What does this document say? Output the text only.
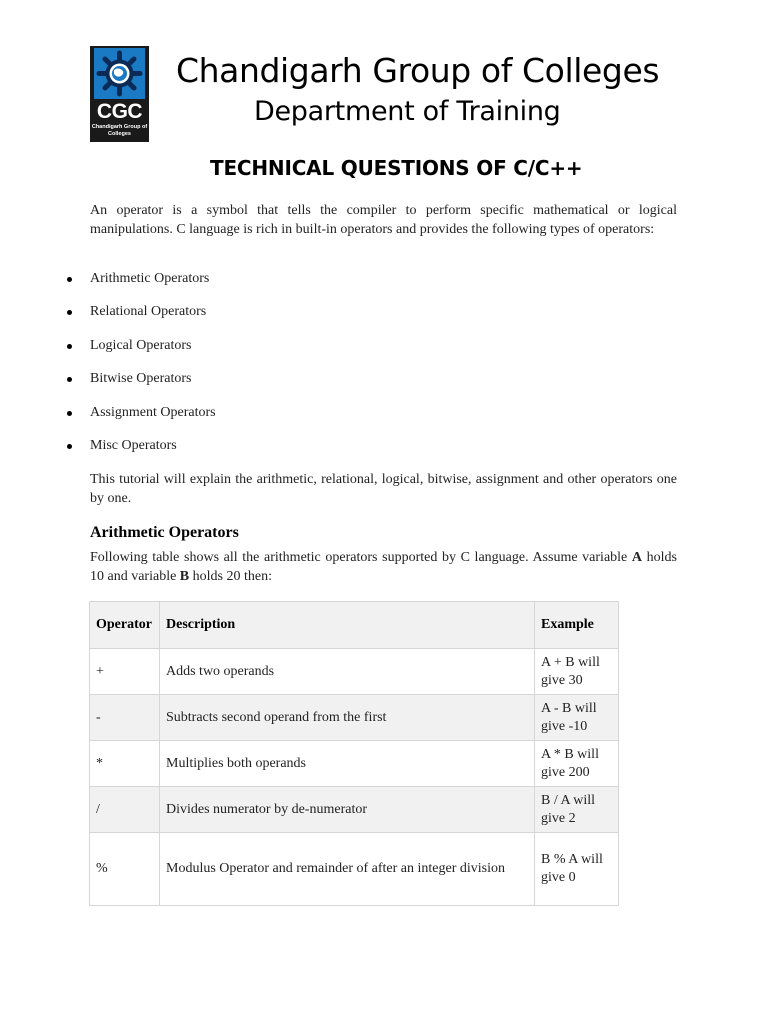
CGC
Chandigarh Group of Colleges
Chandigarh Group of Colleges
Department of Training
TECHNICAL QUESTIONS OF C/C++

An operator is a symbol that tells the compiler to perform specific mathematical or logical manipulations. C language is rich in built-in operators and provides the following types of operators:

Arithmetic Operators
Relational Operators
Logical Operators
Bitwise Operators
Assignment Operators
Misc Operators

This tutorial will explain the arithmetic, relational, logical, bitwise, assignment and other operators one by one.

Arithmetic Operators

Following table shows all the arithmetic operators supported by C language. Assume variable A holds 10 and variable B holds 20 then:

Operator	Description	Example
+	Adds two operands	A + B will give 30
-	Subtracts second operand from the first	A - B will give -10
*	Multiplies both operands	A * B will give 200
/	Divides numerator by de-numerator	B / A will give 2
%	Modulus Operator and remainder of after an integer division	B % A will give 0
